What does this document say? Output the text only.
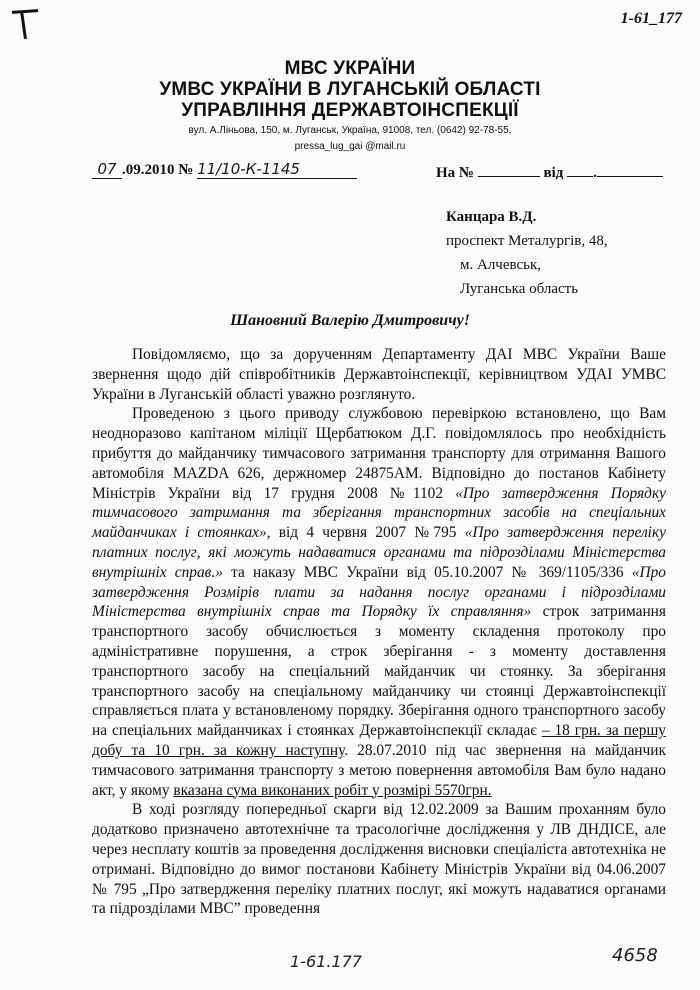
1-61_177
МВС УКРАЇНИ
УМВС УКРАЇНИ В ЛУГАНСЬКІЙ ОБЛАСТІ
УПРАВЛІННЯ ДЕРЖАВТОІНСПЕКЦІЇ
вул. А.Ліньова, 150, м. Луганськ, Україна, 91008, тел. (0642) 92-78-55,
pressa_lug_gai @mail.ru
07 .09.2010 № 11/10-К-1145	На №	від .
Канцара В.Д.
проспект Металургів, 48,
м. Алчевськ,
Луганська область
Шановний Валерію Дмитровичу!

Повідомляємо, що за дорученням Департаменту ДАІ МВС України Ваше звернення щодо дій співробітників Державтоінспекції, керівництвом УДАІ УМВС України в Луганській області уважно розглянуто.

Проведеною з цього приводу службовою перевіркою встановлено, що Вам неодноразово капітаном міліції Щербатюком Д.Г. повідомлялось про необхідність прибуття до майданчику тимчасового затримання транспорту для отримання Вашого автомобіля MAZDA 626, держномер 24875АМ. Відповідно до постанов Кабінету Міністрів України від 17 грудня 2008 №1102 «Про затвердження Порядку тимчасового затримання та зберігання транспортних засобів на спеціальних майданчиках і стоянках», від 4 червня 2007 №795 «Про затвердження переліку платних послуг, які можуть надаватися органами та підрозділами Міністерства внутрішніх справ.» та наказу МВС України від 05.10.2007 № 369/1105/336 «Про затвердження Розмірів плати за надання послуг органами і підрозділами Міністерства внутрішніх справ та Порядку їх справляння» строк затримання транспортного засобу обчислюється з моменту складення протоколу про адміністративне порушення, а строк зберігання - з моменту доставлення транспортного засобу на спеціальний майданчик чи стоянку. За зберігання транспортного засобу на спеціальному майданчику чи стоянці Державтоінспекції справляється плата у встановленому порядку. Зберігання одного транспортного засобу на спеціальних майданчиках і стоянках Державтоінспекції складає – 18 грн. за першу добу та 10 грн. за кожну наступну. 28.07.2010 під час звернення на майданчик тимчасового затримання транспорту з метою повернення автомобіля Вам було надано акт, у якому вказана сума виконаних робіт у розмірі 5570грн.

В ході розгляду попередньої скарги від 12.02.2009 за Вашим проханням було додатково призначено автотехнічне та трасологічне дослідження у ЛВ ДНДІСЕ, але через несплату коштів за проведення дослідження висновки спеціаліста автотехніка не отримані. Відповідно до вимог постанови Кабінету Міністрів України від 04.06.2007 № 795 „Про затвердження переліку платних послуг, які можуть надаватися органами та підрозділами МВС” проведення

1-61.177	4658
